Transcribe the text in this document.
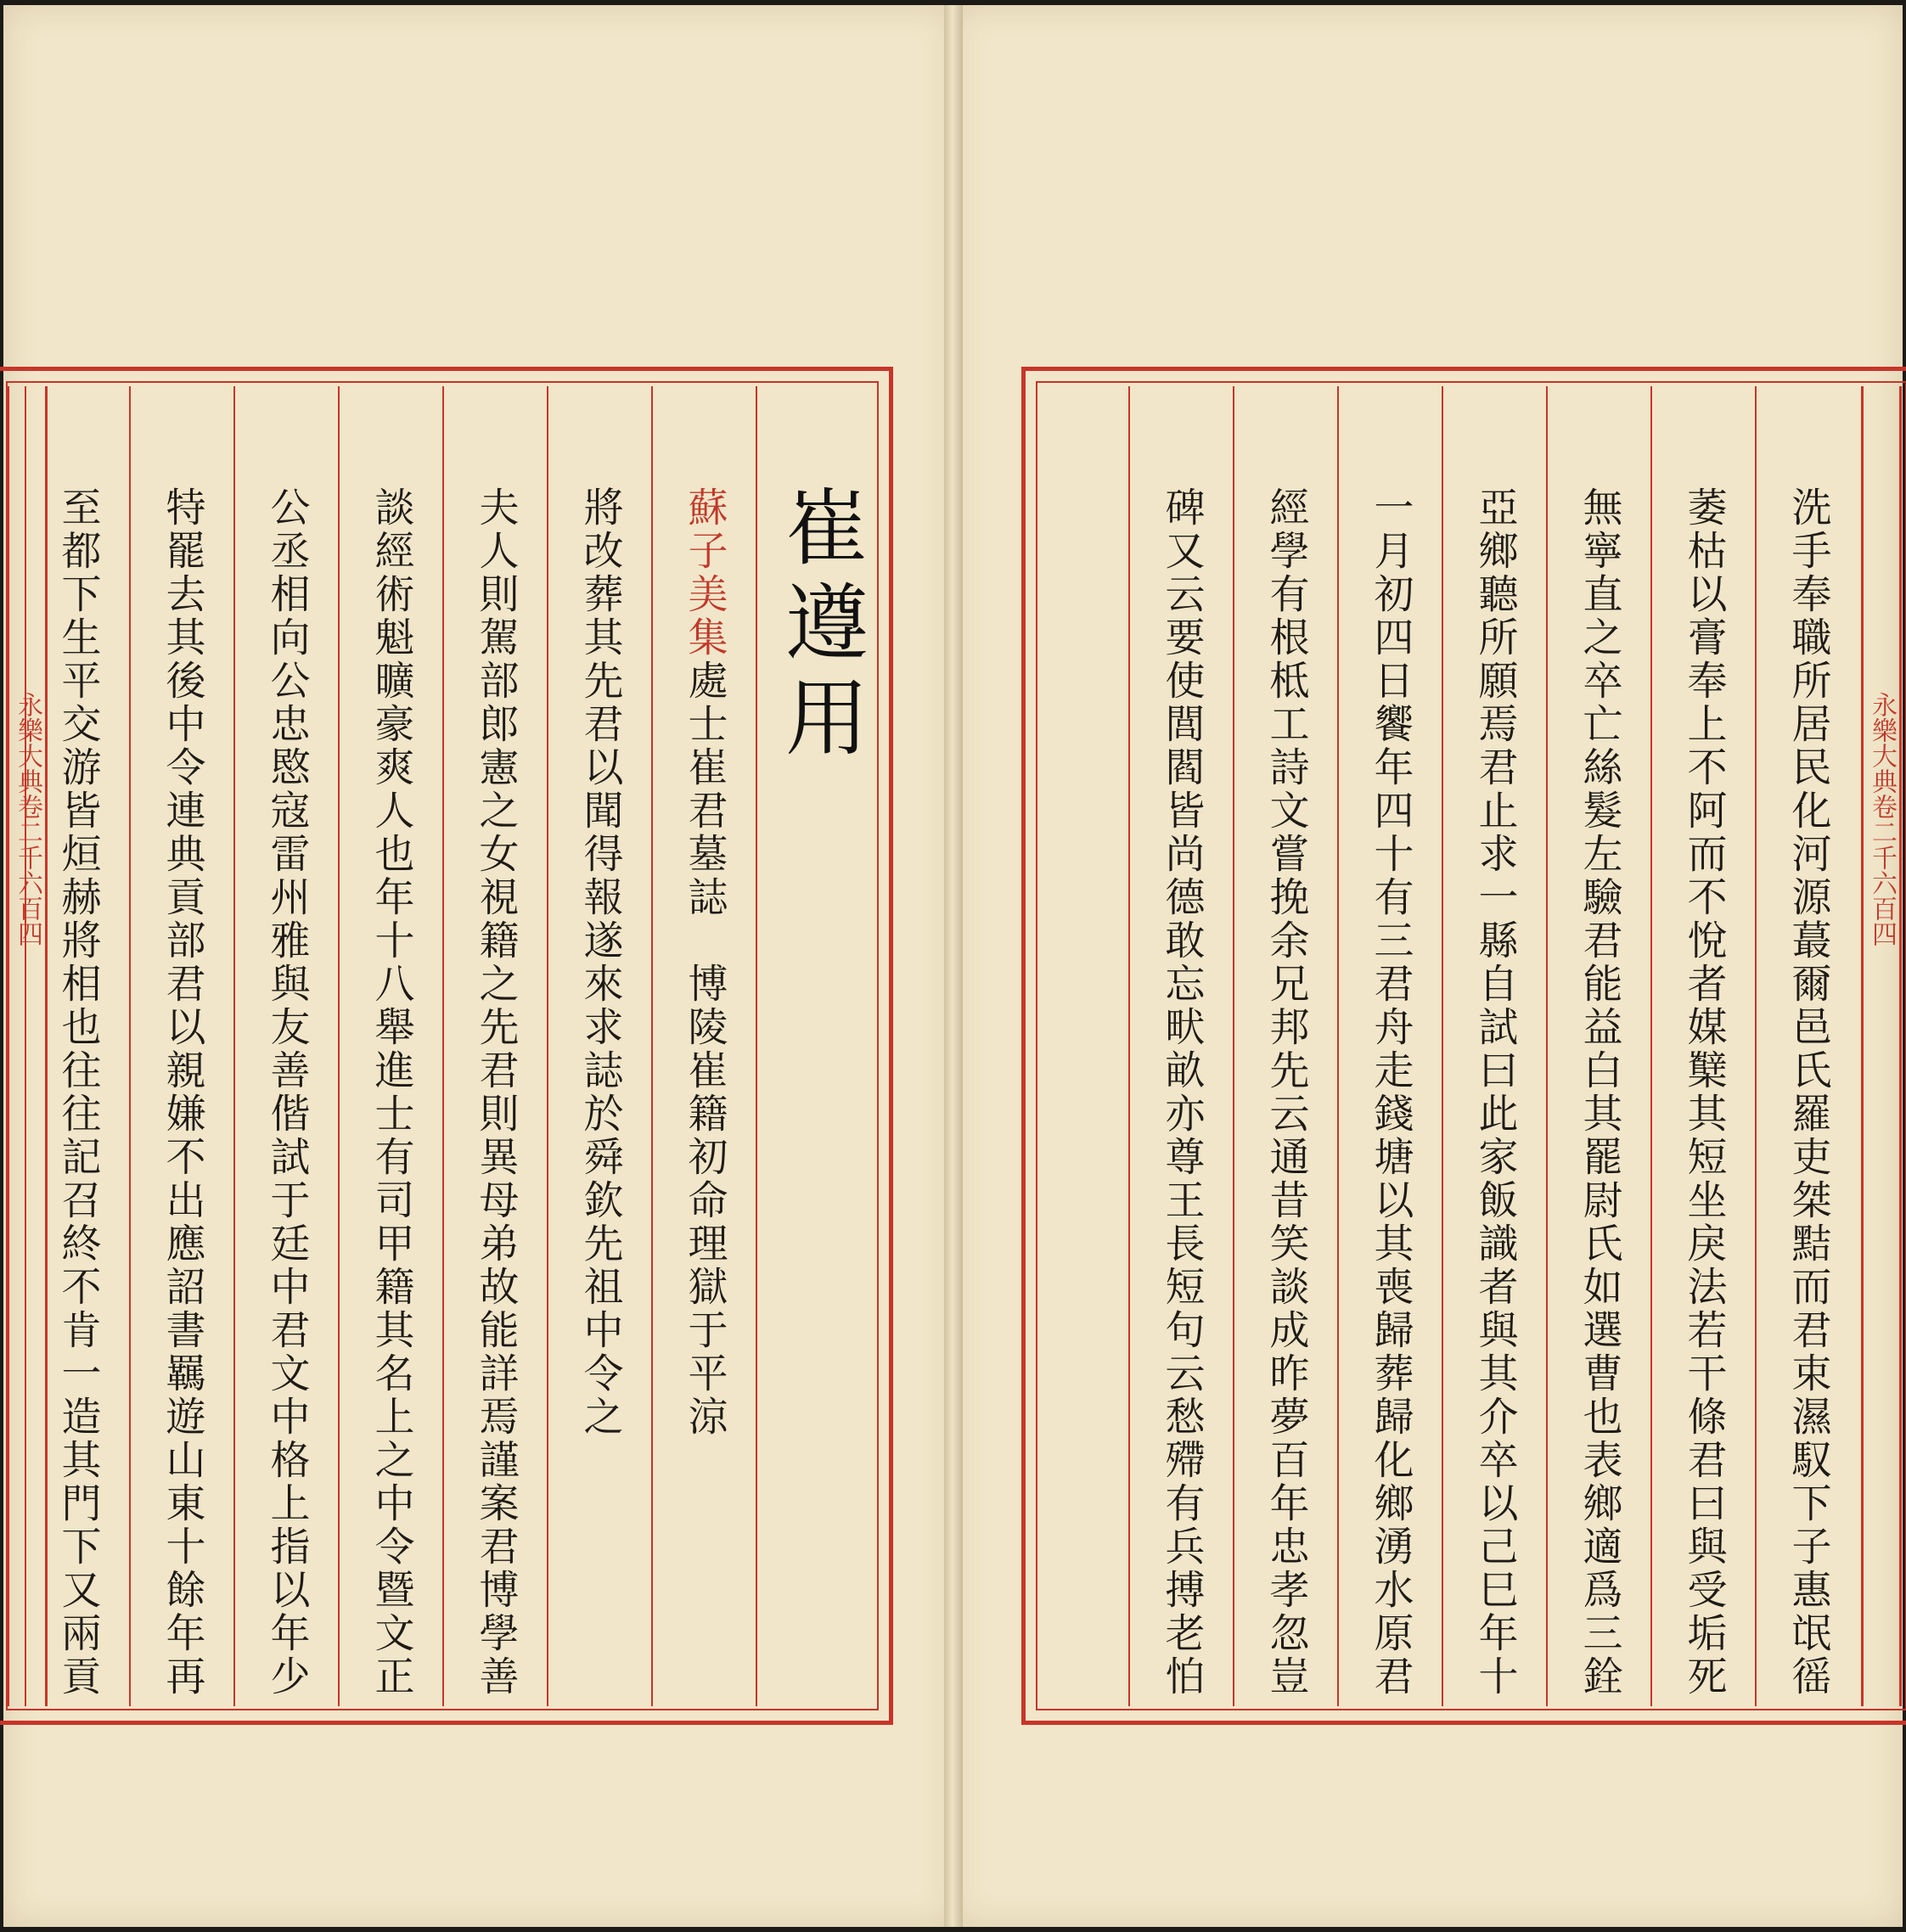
永樂大典卷二千六百四	永樂大典卷二千六百四
崔遵用
蘇子美集處士崔君墓誌　博陵崔籍初命理獄于平涼
將改葬其先君以聞得報遂來求誌於舜欽先祖中令之
夫人則駕部郎憲之女視籍之先君則異母弟故能詳焉謹案君博學善
談經術魁曠豪爽人也年十八舉進士有司甲籍其名上之中令暨文正
公丞相向公忠愍寇雷州雅與友善偕試于廷中君文中格上指以年少
特罷去其後中令連典貢部君以親嫌不出應詔書羈遊山東十餘年再
至都下生平交游皆烜赫將相也往往記召終不肯一造其門下又兩貢	洗手奉職所居民化河源蕞爾邑氏羅吏桀黠而君束濕馭下子惠氓徭
萎枯以膏奉上不阿而不悅者媒櫱其短坐戾法若干條君曰與受垢死
無寧直之卒亡絲髮左驗君能益白其罷尉氏如選曹也表鄉適爲三銓
亞鄉聽所願焉君止求一縣自試曰此家飯識者與其介卒以己巳年十
一月初四日饗年四十有三君舟走錢塘以其喪歸葬歸化鄉湧水原君
經學有根柢工詩文嘗挽余兄邦先云通昔笑談成昨夢百年忠孝忽豈
碑又云要使閭閻皆尚德敢忘畎畝亦尊王長短句云愁殢有兵搏老怕
